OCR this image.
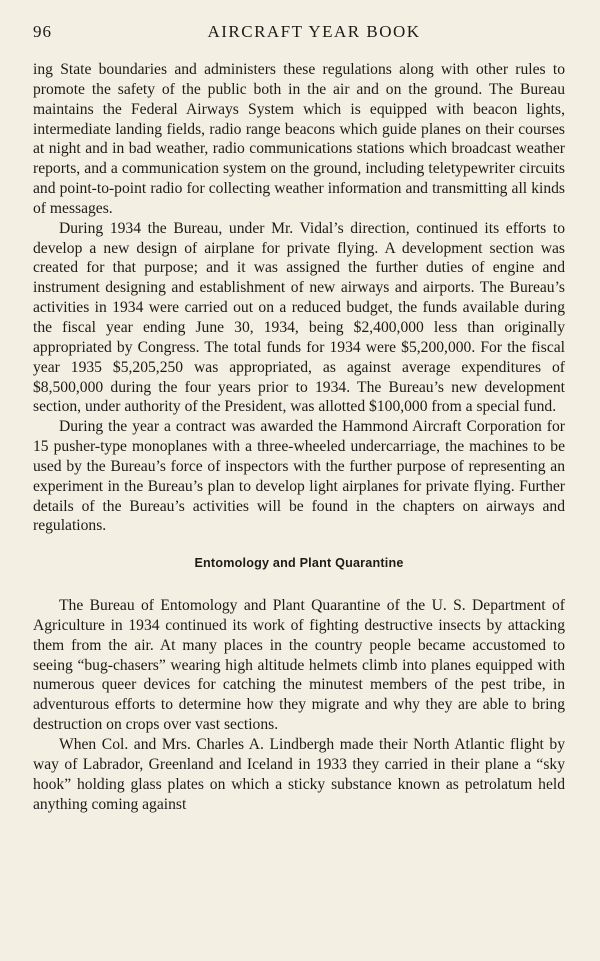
96	AIRCRAFT YEAR BOOK

ing State boundaries and administers these regulations along with other rules to promote the safety of the public both in the air and on the ground. The Bureau maintains the Federal Airways System which is equipped with beacon lights, intermediate landing fields, radio range beacons which guide planes on their courses at night and in bad weather, radio communications stations which broadcast weather reports, and a communication system on the ground, including teletypewriter circuits and point-to-point radio for collecting weather information and transmitting all kinds of messages.

During 1934 the Bureau, under Mr. Vidal’s direction, continued its efforts to develop a new design of airplane for private flying. A development section was created for that purpose; and it was assigned the further duties of engine and instrument designing and establishment of new airways and airports. The Bureau’s activities in 1934 were carried out on a reduced budget, the funds available during the fiscal year ending June 30, 1934, being $2,400,000 less than originally appropriated by Congress. The total funds for 1934 were $5,200,000. For the fiscal year 1935 $5,205,250 was appropriated, as against average expenditures of $8,500,000 during the four years prior to 1934. The Bureau’s new development section, under authority of the President, was allotted $100,000 from a special fund.

During the year a contract was awarded the Hammond Aircraft Corporation for 15 pusher-type monoplanes with a three-wheeled undercarriage, the machines to be used by the Bureau’s force of inspectors with the further purpose of representing an experiment in the Bureau’s plan to develop light airplanes for private flying. Further details of the Bureau’s activities will be found in the chapters on airways and regulations.

Entomology and Plant Quarantine

The Bureau of Entomology and Plant Quarantine of the U. S. Department of Agriculture in 1934 continued its work of fighting destructive insects by attacking them from the air. At many places in the country people became accustomed to seeing “bug-chasers” wearing high altitude helmets climb into planes equipped with numerous queer devices for catching the minutest members of the pest tribe, in adventurous efforts to determine how they migrate and why they are able to bring destruction on crops over vast sections.

When Col. and Mrs. Charles A. Lindbergh made their North Atlantic flight by way of Labrador, Greenland and Iceland in 1933 they carried in their plane a “sky hook” holding glass plates on which a sticky substance known as petrolatum held anything coming against
